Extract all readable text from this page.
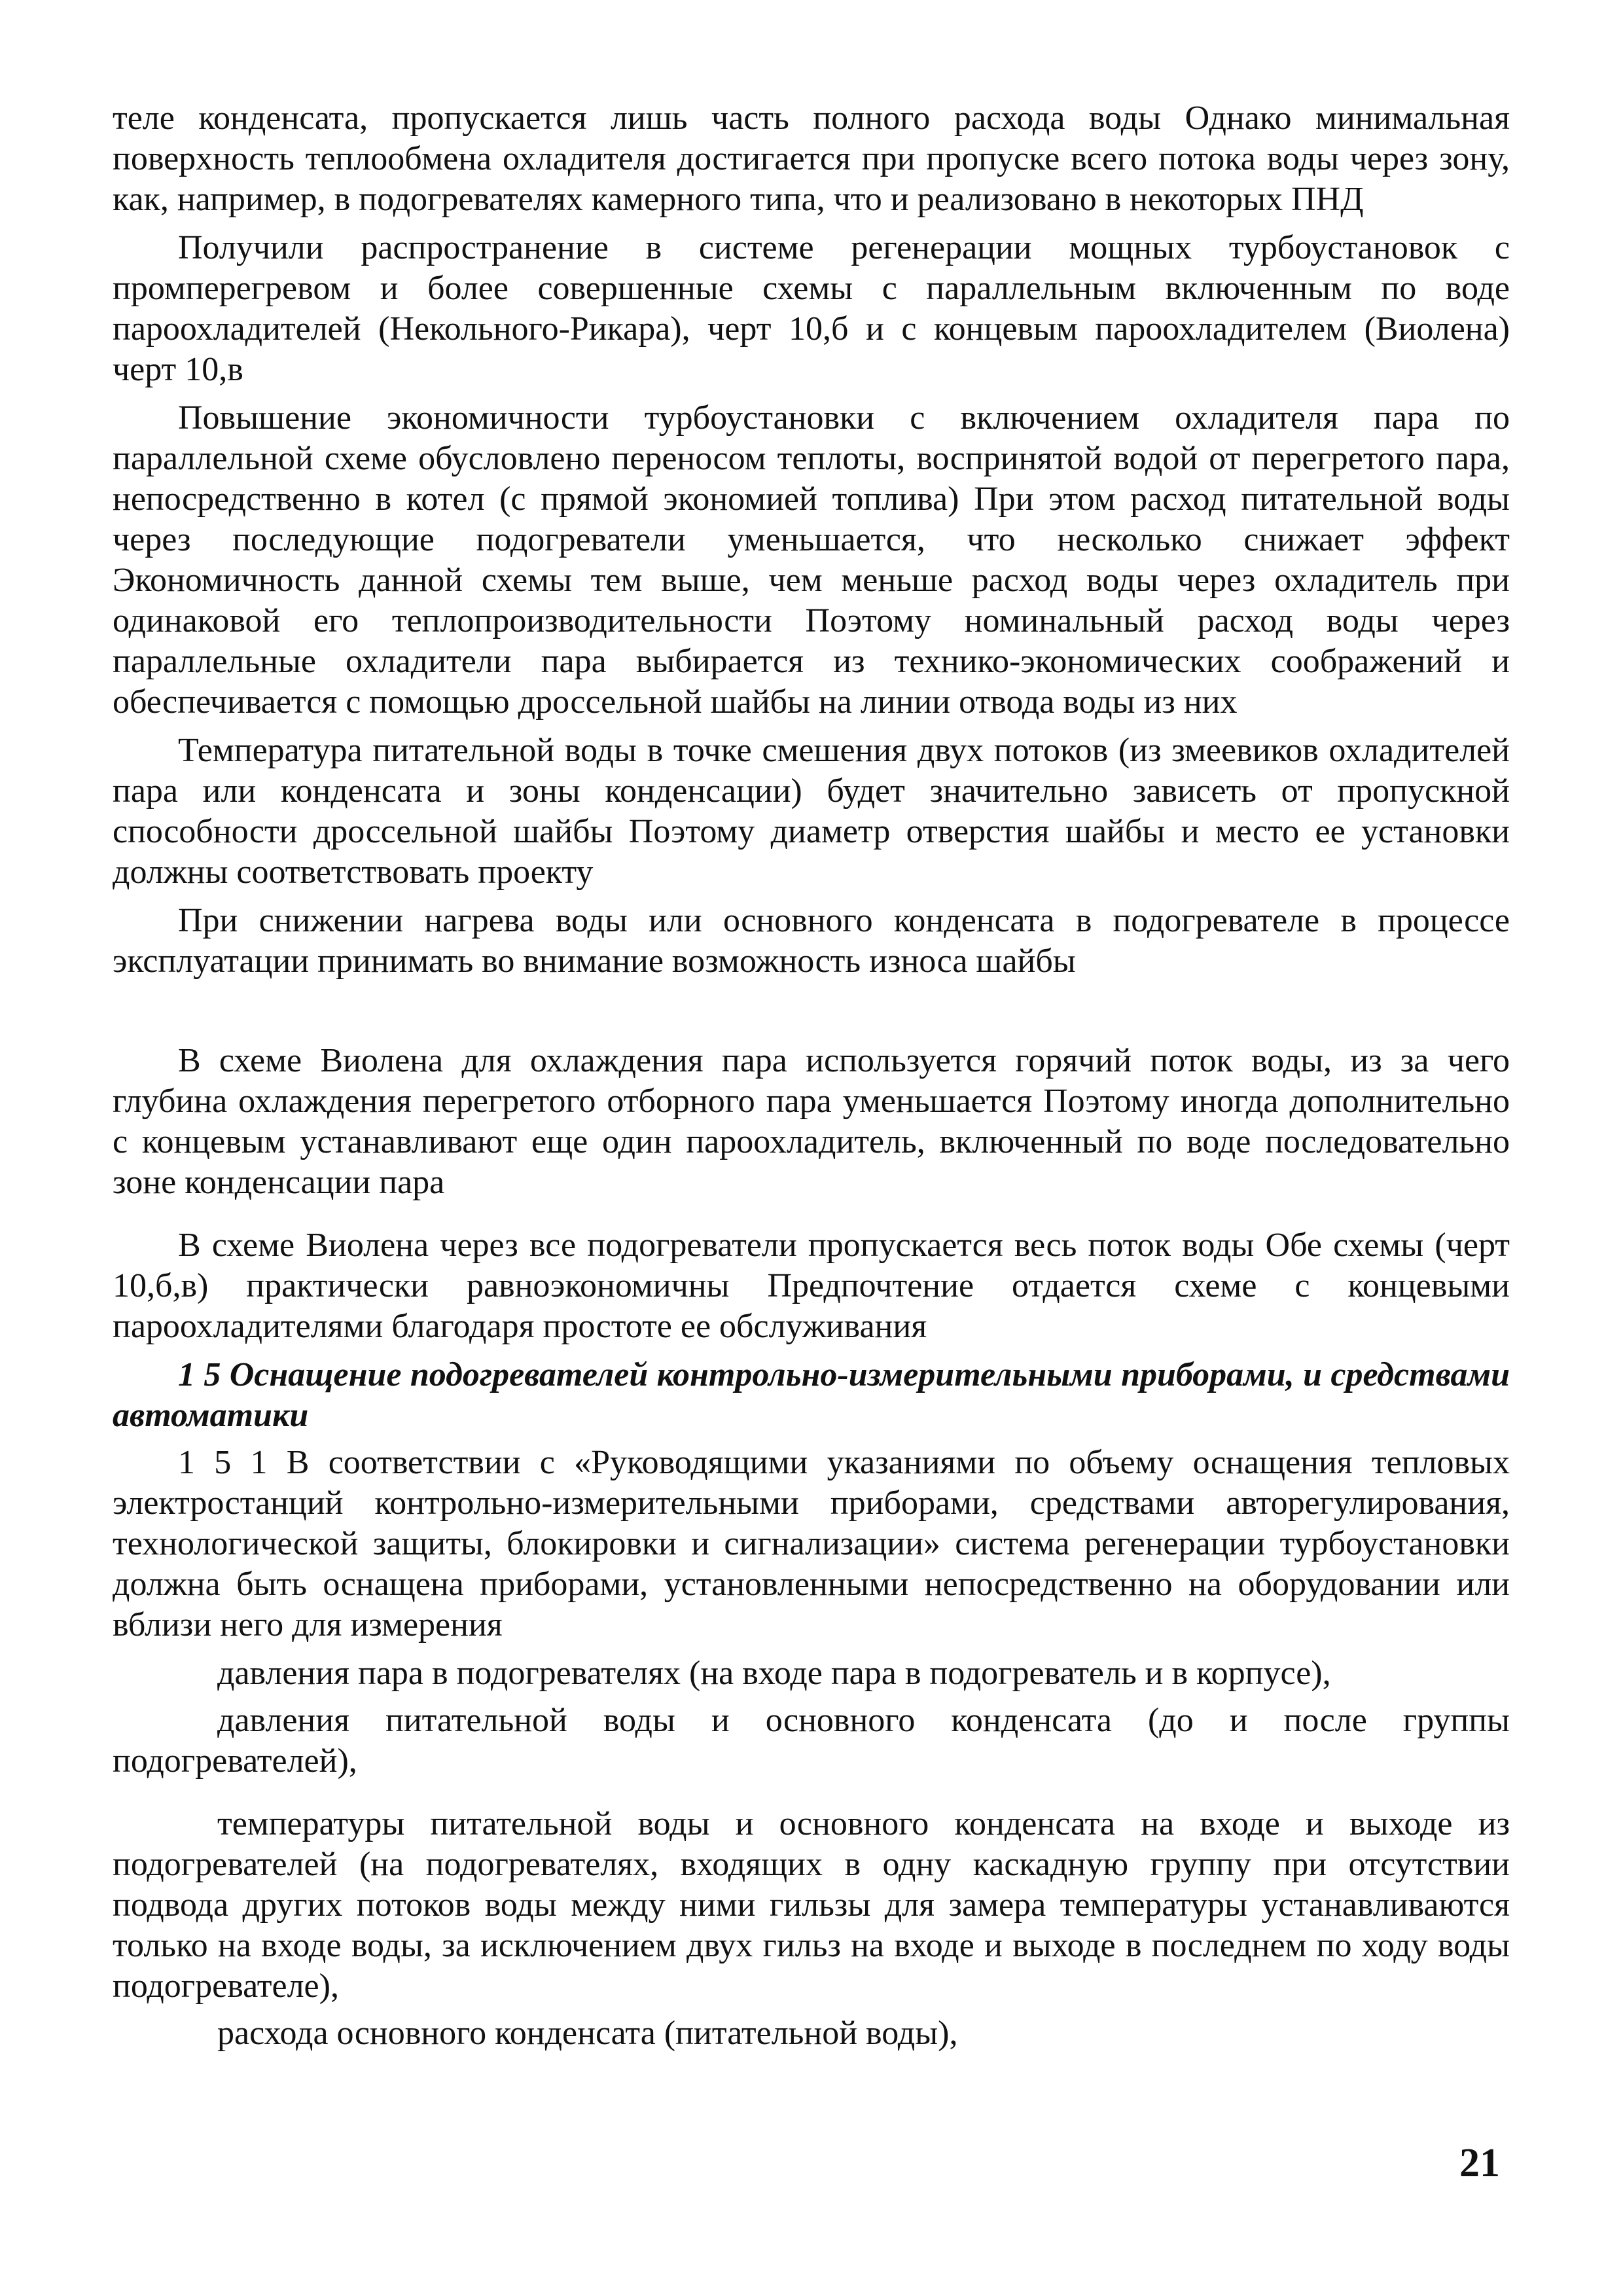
теле конденсата, пропускается лишь часть полного расхода воды Однако минимальная поверхность теплообмена охладителя достигается при пропуске всего потока воды через зону, как, например, в подогревателях камерного типа, что и реализовано в некоторых ПНД

Получили распространение в системе регенерации мощных турбоустановок с промперегревом и более совершенные схемы с параллельным включенным по воде пароохладителей (Некольного-Рикара), черт 10,б и с концевым пароохладителем (Виолена) черт 10,в

Повышение экономичности турбоустановки с включением охладителя пара по параллельной схеме обусловлено переносом теплоты, воспринятой водой от перегретого пара, непосредственно в котел (с прямой экономией топлива) При этом расход питательной воды через последующие подогреватели уменьшается, что несколько снижает эффект Экономичность данной схемы тем выше, чем меньше расход воды через охладитель при одинаковой его теплопроизводительности Поэтому номинальный расход воды через параллельные охладители пара выбирается из технико-экономических соображений и обеспечивается с помощью дроссельной шайбы на линии отвода воды из них

Температура питательной воды в точке смешения двух потоков (из змеевиков охладителей пара или конденсата и зоны конденсации) будет значительно зависеть от пропускной способности дроссельной шайбы Поэтому диаметр отверстия шайбы и место ее установки должны соответствовать проекту

При снижении нагрева воды или основного конденсата в подогревателе в процессе эксплуатации принимать во внимание возможность износа шайбы

В схеме Виолена для охлаждения пара используется горячий поток воды, из за чего глубина охлаждения перегретого отборного пара уменьшается Поэтому иногда дополнительно с концевым устанавливают еще один пароохладитель, включенный по воде последовательно зоне конденсации пара

В схеме Виолена через все подогреватели пропускается весь поток воды Обе схемы (черт 10,б,в) практически равноэкономичны Предпочтение отдается схеме с концевыми пароохладителями благодаря простоте ее обслуживания

1 5 Оснащение подогревателей контрольно-измерительными приборами, и средствами автоматики

1 5 1 В соответствии с «Руководящими указаниями по объему оснащения тепловых электростанций контрольно-измерительными приборами, средствами авторегулирования, технологической защиты, блокировки и сигнализации» система регенерации турбоустановки должна быть оснащена приборами, установленными непосредственно на оборудовании или вблизи него для измерения

давления пара в подогревателях (на входе пара в подогреватель и в корпусе),

давления питательной воды и основного конденсата (до и после группы подогревателей),

температуры питательной воды и основного конденсата на входе и выходе из подогревателей (на подогревателях, входящих в одну каскадную группу при отсутствии подвода других потоков воды между ними гильзы для замера температуры устанавливаются только на входе воды, за исключением двух гильз на входе и выходе в последнем по ходу воды подогревателе),

расхода основного конденсата (питательной воды),

21
